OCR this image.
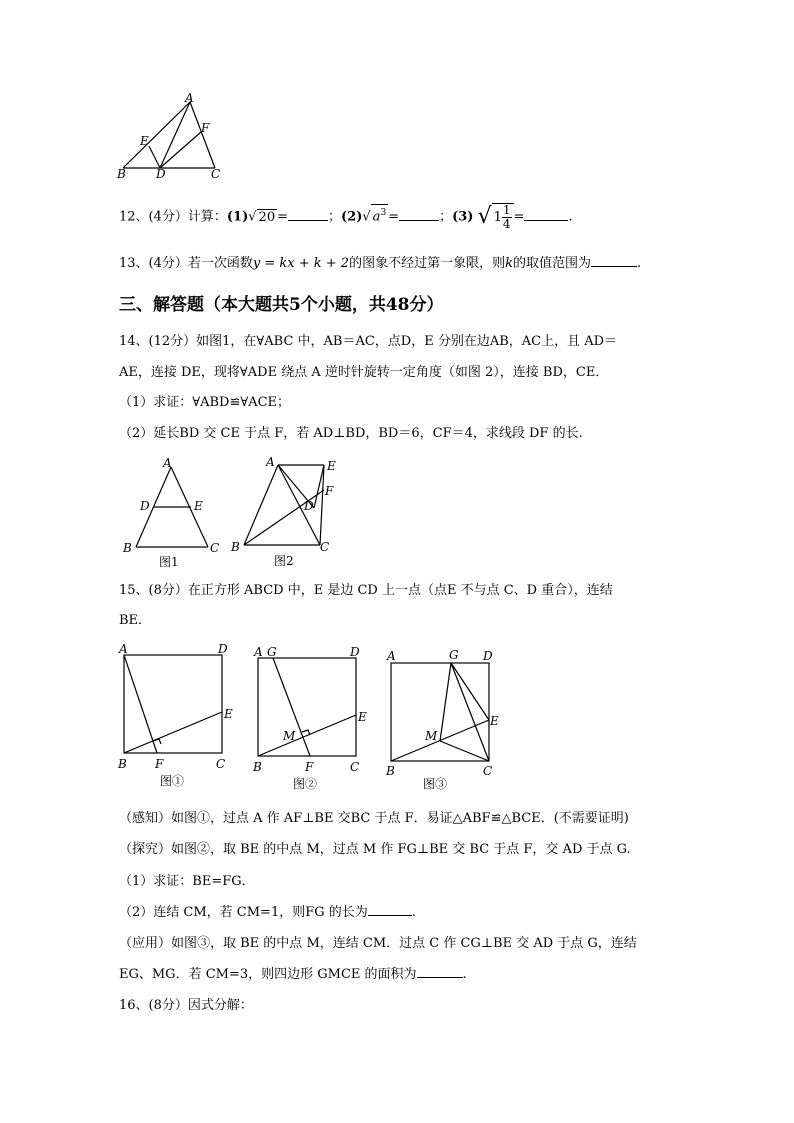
A
E
F
B	D	C
12、(4分）计算：(1)√ 20 =	；(2)√ $a^3$ =	；(3) √ $1 \frac{1}{4}$ =	.
13、(4分）若一次函数y = kx + k + 2的图象不经过第一象限，则k的取值范围为	.
三、解答题（本大题共5个小题，共48分）
14、(12分）如图1，在∀ABC 中，AB＝AC，点D，E 分别在边AB，AC上，且 AD＝
AE，连接 DE，现将∀ADE 绕点 A 逆时针旋转一定角度（如图 2），连接 BD，CE．
（1）求证：∀ABD≌∀ACE；
（2）延长BD 交 CE 于点 F，若 AD⊥BD，BD＝6，CF＝4，求线段 DF 的长.
A
D	E
B	C
图1
A	E
F
D
B	C
图2
15、(8分）在正方形 ABCD 中，E 是边 CD 上一点（点E 不与点 C、D 重合），连结
BE.
A	D
E
B F	C
图①
A G	D
M
E
B	F	C
图②
A	G D
M
E
B	C
图③
（感知）如图①，过点 A 作 AF⊥BE 交BC 于点 F．易证△ABF≌△BCE．(不需要证明)
（探究）如图②，取 BE 的中点 M，过点 M 作 FG⊥BE 交 BC 于点 F，交 AD 于点 G.
（1）求证：BE=FG．
（2）连结 CM，若 CM=1，则FG 的长为	.
（应用）如图③，取 BE 的中点 M，连结 CM．过点 C 作 CG⊥BE 交 AD 于点 G，连结
EG、MG．若 CM=3，则四边形 GMCE 的面积为	.
16、(8分）因式分解：
